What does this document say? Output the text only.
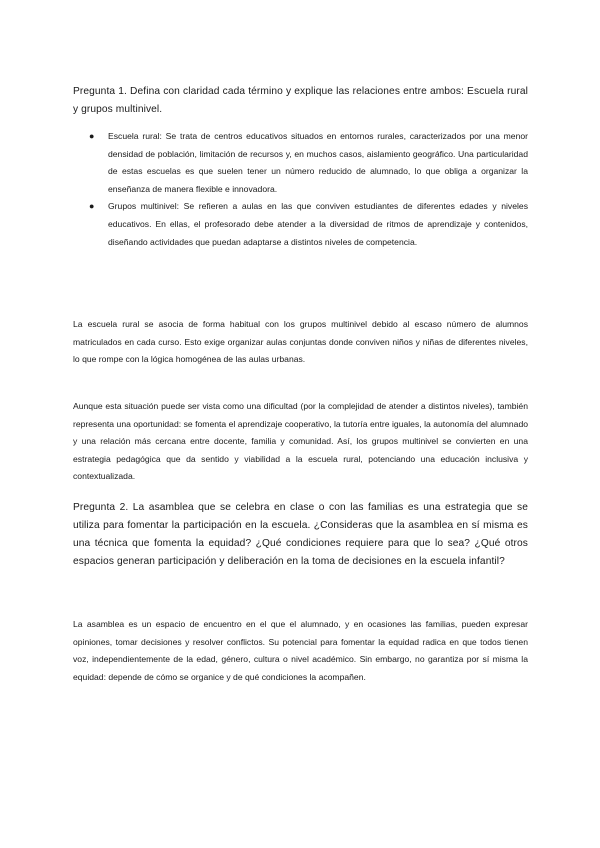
Pregunta 1. Defina con claridad cada término y explique las relaciones entre ambos: Escuela rural y grupos multinivel.

● Escuela rural: Se trata de centros educativos situados en entornos rurales, caracterizados por una menor densidad de población, limitación de recursos y, en muchos casos, aislamiento geográfico. Una particularidad de estas escuelas es que suelen tener un número reducido de alumnado, lo que obliga a organizar la enseñanza de manera flexible e innovadora.
● Grupos multinivel: Se refieren a aulas en las que conviven estudiantes de diferentes edades y niveles educativos. En ellas, el profesorado debe atender a la diversidad de ritmos de aprendizaje y contenidos, diseñando actividades que puedan adaptarse a distintos niveles de competencia.

La escuela rural se asocia de forma habitual con los grupos multinivel debido al escaso número de alumnos matriculados en cada curso. Esto exige organizar aulas conjuntas donde conviven niños y niñas de diferentes niveles, lo que rompe con la lógica homogénea de las aulas urbanas.

Aunque esta situación puede ser vista como una dificultad (por la complejidad de atender a distintos niveles), también representa una oportunidad: se fomenta el aprendizaje cooperativo, la tutoría entre iguales, la autonomía del alumnado y una relación más cercana entre docente, familia y comunidad. Así, los grupos multinivel se convierten en una estrategia pedagógica que da sentido y viabilidad a la escuela rural, potenciando una educación inclusiva y contextualizada.

Pregunta 2. La asamblea que se celebra en clase o con las familias es una estrategia que se utiliza para fomentar la participación en la escuela. ¿Consideras que la asamblea en sí misma es una técnica que fomenta la equidad? ¿Qué condiciones requiere para que lo sea? ¿Qué otros espacios generan participación y deliberación en la toma de decisiones en la escuela infantil?

La asamblea es un espacio de encuentro en el que el alumnado, y en ocasiones las familias, pueden expresar opiniones, tomar decisiones y resolver conflictos. Su potencial para fomentar la equidad radica en que todos tienen voz, independientemente de la edad, género, cultura o nivel académico. Sin embargo, no garantiza por sí misma la equidad: depende de cómo se organice y de qué condiciones la acompañen.
